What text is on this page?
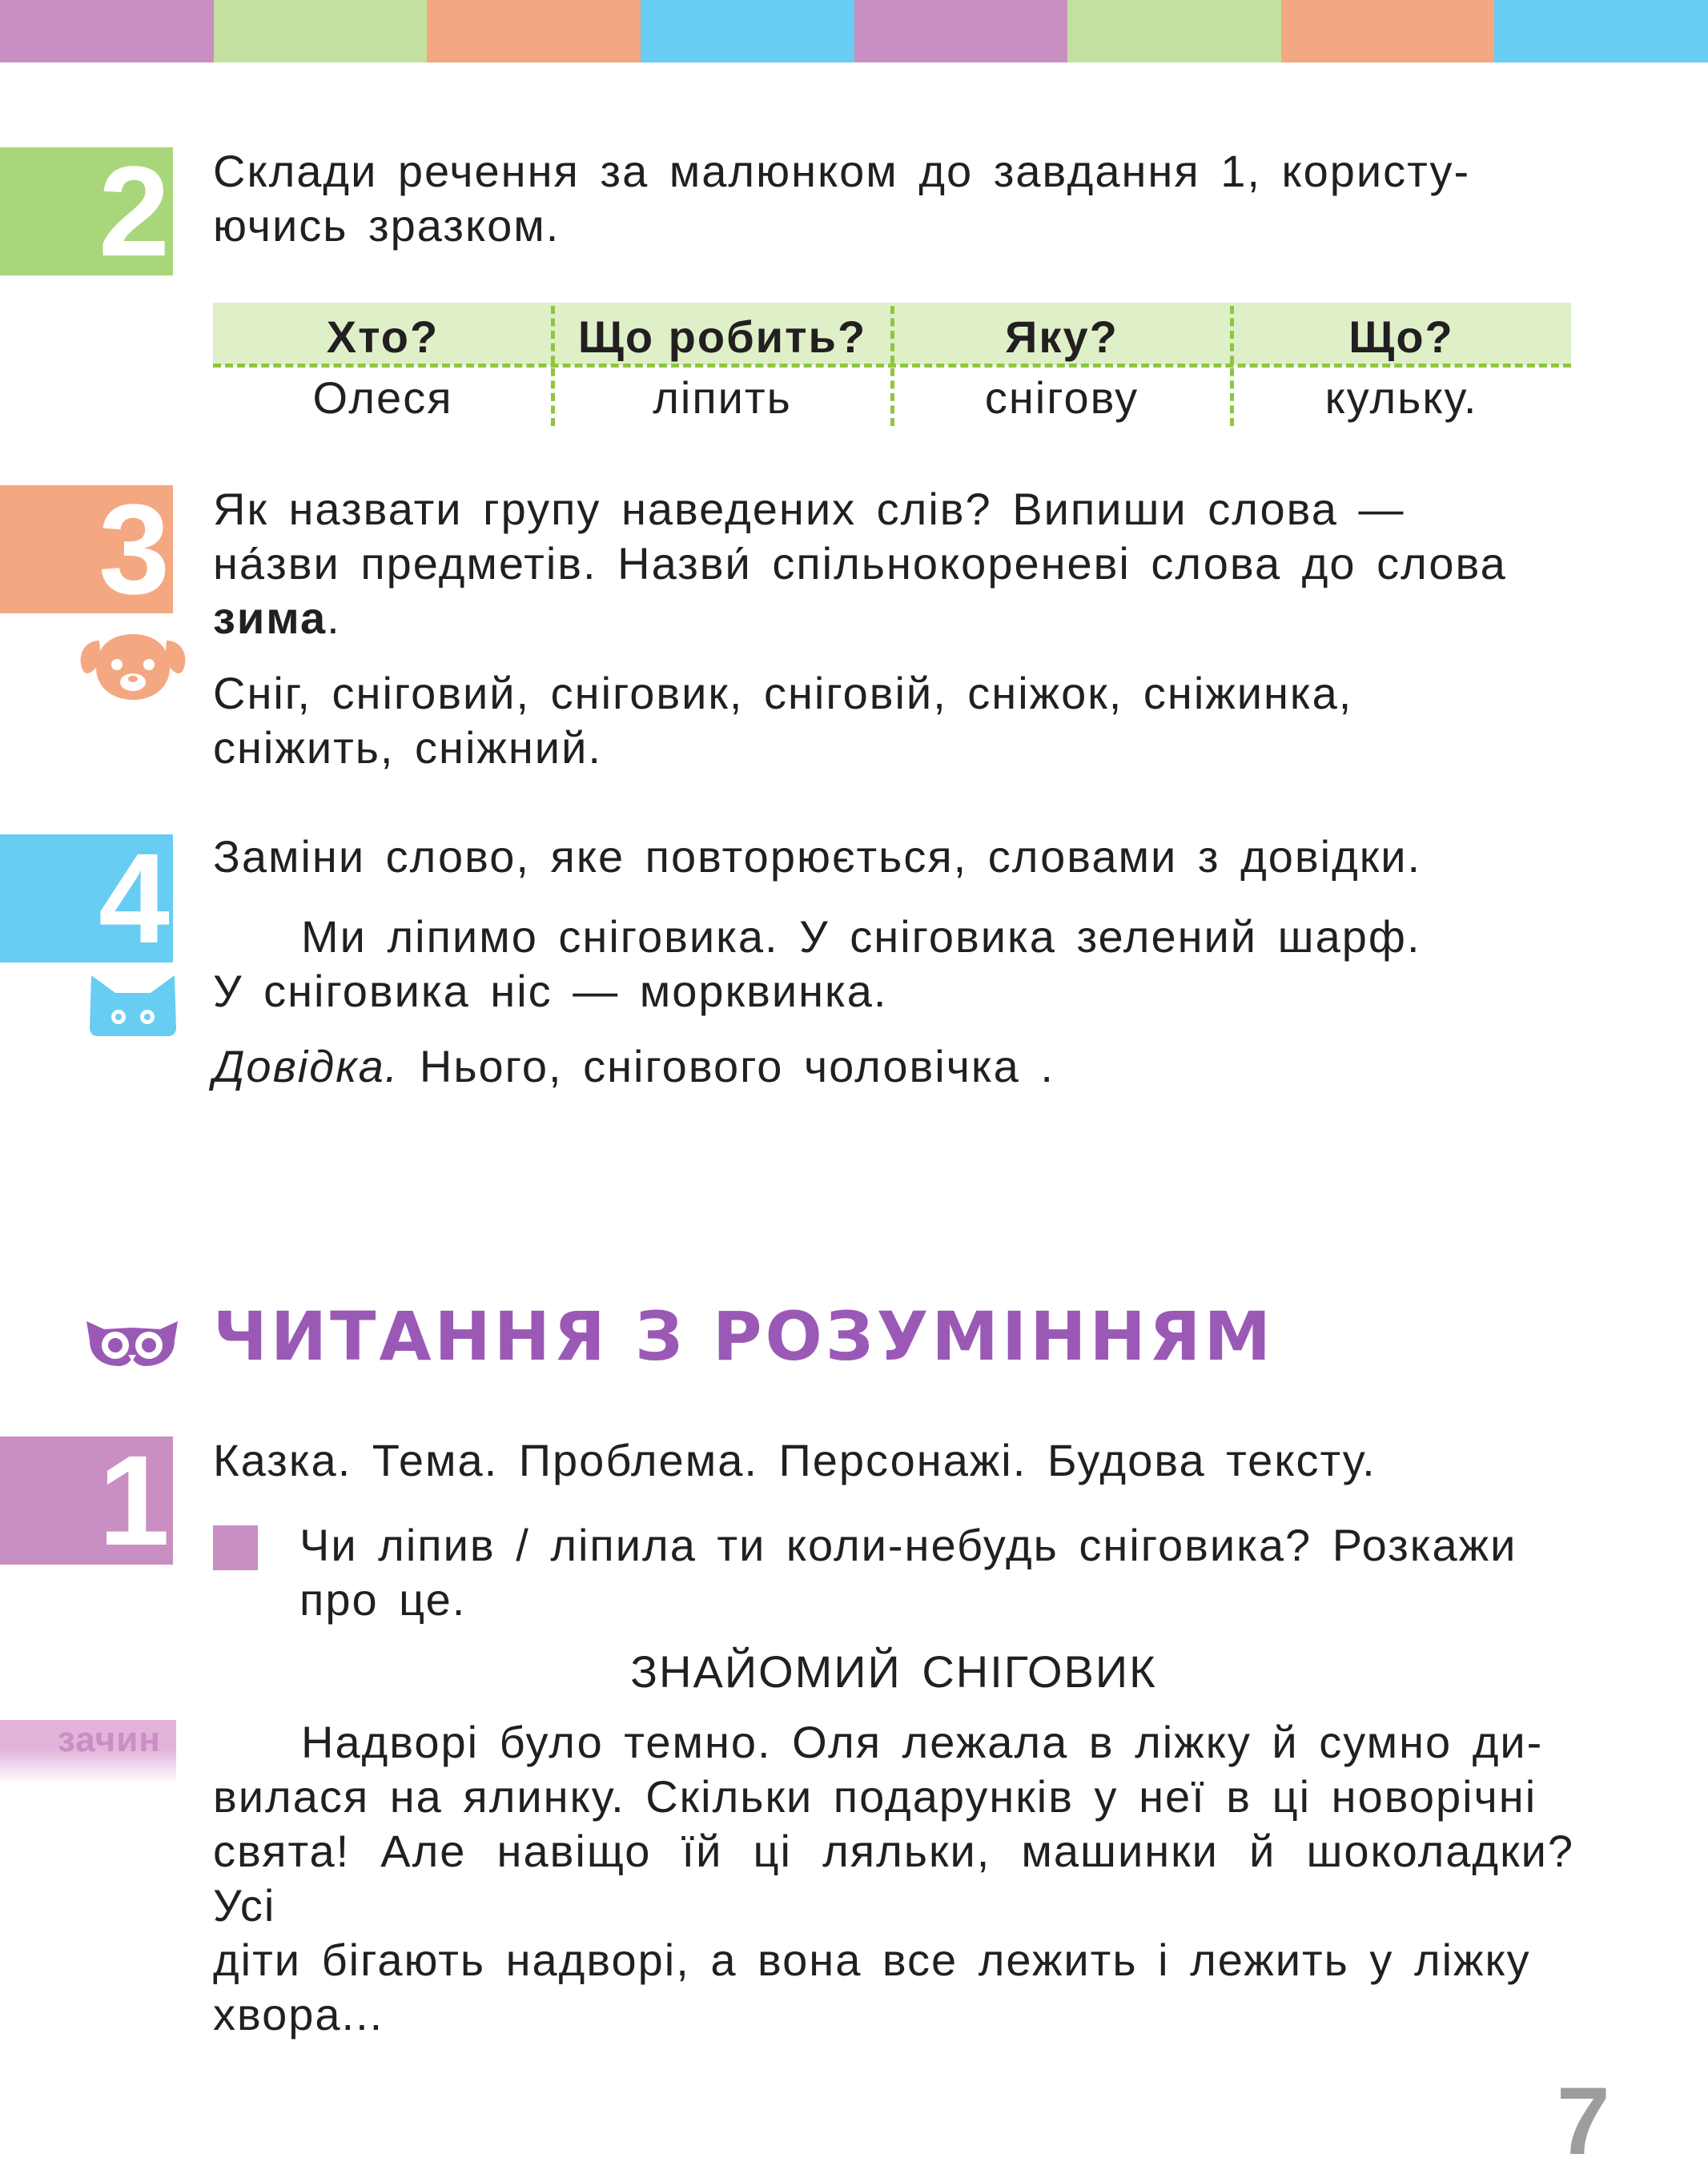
2 Склади речення за малюнком до завдання 1, користу-
ючись зразком.

Хто?	Що робить?	Яку?	Що?
Олеся	ліпить	снігову	кульку.
3 Як назвати групу наведених слів? Випиши слова —
на́зви предметів. Назви́ спільнокореневі слова до слова
зима.

Сніг, сніговий, сніговик, сніговій, сніжок, сніжинка,
сніжить, сніжний.

4 Заміни слово, яке повторюється, словами з довідки.

Ми ліпимо сніговика. У сніговика зелений шарф.

У сніговика ніс — морквинка.

Довідка. Нього, снігового чоловічка .

ЧИТАННЯ З РОЗУМІННЯМ
1 Казка. Тема. Проблема. Персонажі. Будова тексту.
Чи ліпив / ліпила ти коли-небудь сніговика? Розкажи
про це.
ЗНАЙОМИЙ СНІГОВИК
зачин	Надворі було темно. Оля лежала в ліжку й сумно ди-
вилася на ялинку. Скільки подарунків у неї в ці новорічні
свята! Але навіщо їй ці ляльки, машинки й шоколадки? Усі
діти бігають надворі, а вона все лежить і лежить у ліжку
хвора...
7
